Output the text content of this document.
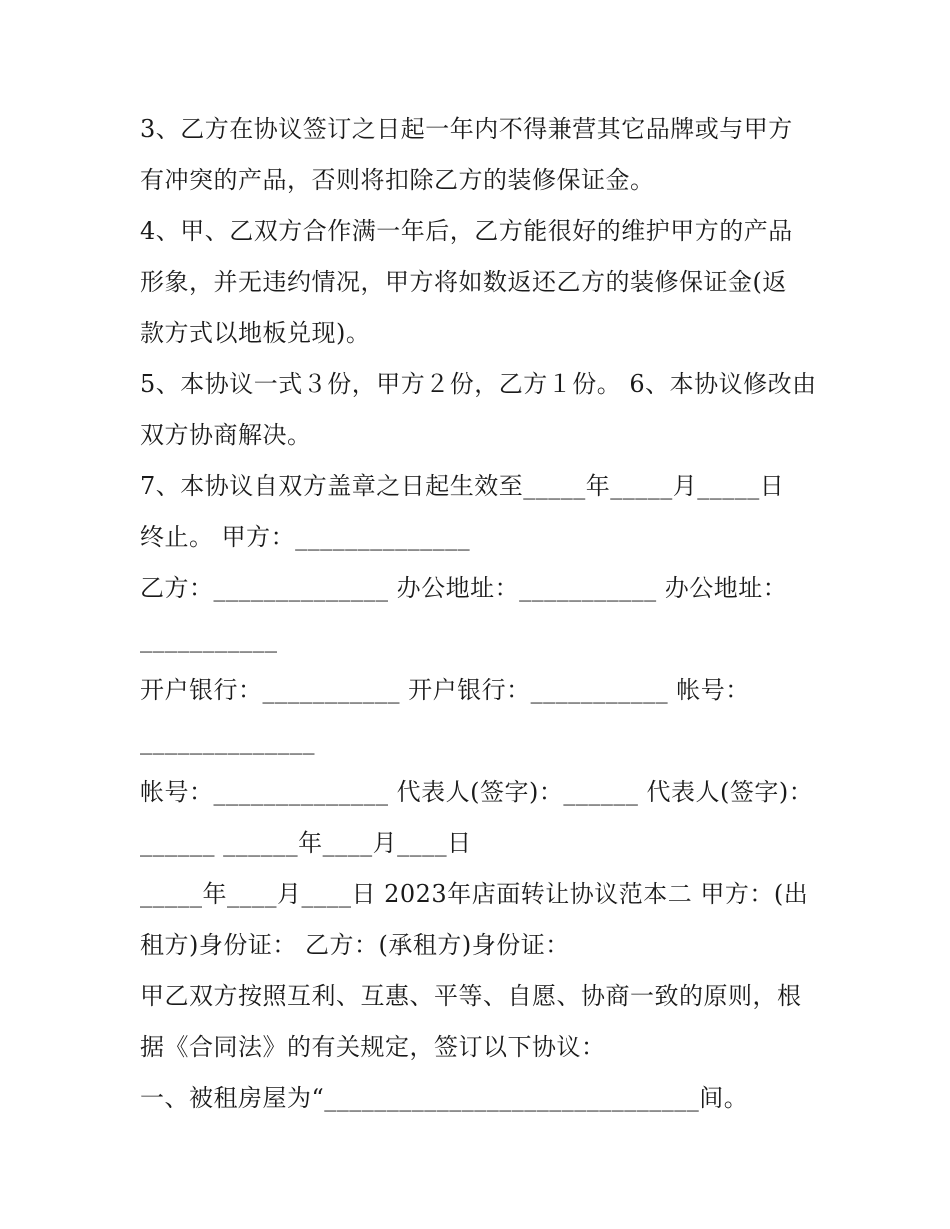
3、乙方在协议签订之日起一年内不得兼营其它品牌或与甲方
有冲突的产品，否则将扣除乙方的装修保证金。
4、甲、乙双方合作满一年后，乙方能很好的维护甲方的产品
形象，并无违约情况，甲方将如数返还乙方的装修保证金(返
款方式以地板兑现)。
5、本协议一式３份，甲方２份，乙方１份。 6、本协议修改由
双方协商解决。
7、本协议自双方盖章之日起生效至_____年_____月_____日
终止。 甲方：______________
乙方：______________ 办公地址：___________ 办公地址：
___________
开户银行：___________ 开户银行：___________ 帐号：
______________
帐号：______________ 代表人(签字)：______ 代表人(签字)：
______ ______年____月____日
_____年____月____日 2023年店面转让协议范本二 甲方：(出
租方)身份证： 乙方：(承租方)身份证：
甲乙双方按照互利、互惠、平等、自愿、协商一致的原则，根
据《合同法》的有关规定，签订以下协议：
一、被租房屋为“______________________________间。
